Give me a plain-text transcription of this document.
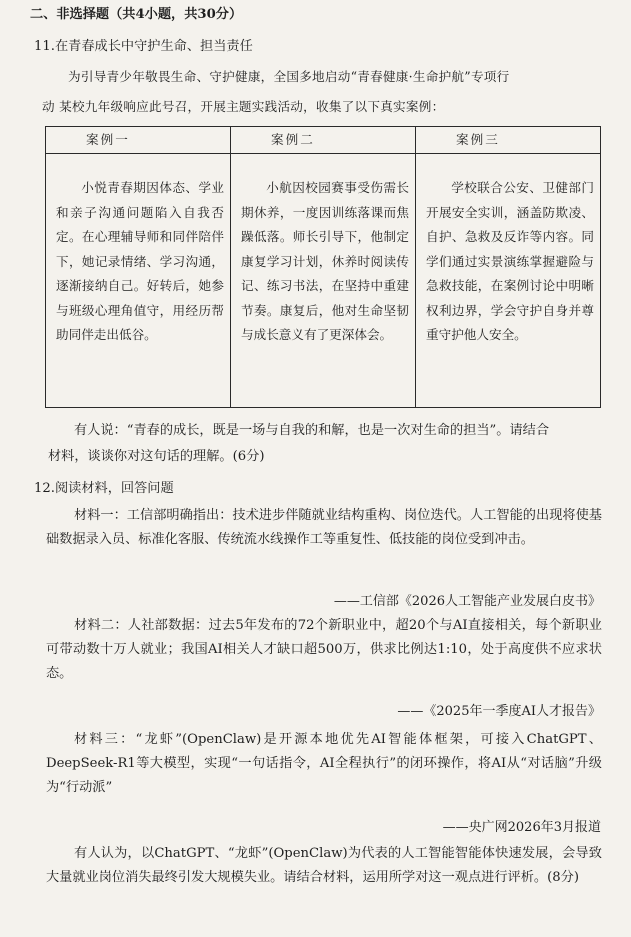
二、非选择题（共4小题，共30分）
11.在青春成长中守护生命、担当责任
为引导青少年敬畏生命、守护健康，全国多地启动“青春健康·生命护航”专项行
动 某校九年级响应此号召，开展主题实践活动，收集了以下真实案例：
案例一	案例二	案例三
小悦青春期因体态、学业和亲子沟通问题陷入自我否定。在心理辅导师和同伴陪伴下，她记录情绪、学习沟通，逐渐接纳自己。好转后，她参与班级心理角值守，用经历帮助同伴走出低谷。	小航因校园赛事受伤需长期休养，一度因训练落课而焦躁低落。师长引导下，他制定康复学习计划，休养时阅读传记、练习书法，在坚持中重建节奏。康复后，他对生命坚韧与成长意义有了更深体会。	学校联合公安、卫健部门开展安全实训，涵盖防欺凌、自护、急救及反诈等内容。同学们通过实景演练掌握避险与急救技能，在案例讨论中明晰权利边界，学会守护自身并尊重守护他人安全。
有人说：“青春的成长，既是一场与自我的和解，也是一次对生命的担当”。请结合
材料，谈谈你对这句话的理解。(6分)
12.阅读材料，回答问题
材料一：工信部明确指出：技术进步伴随就业结构重构、岗位迭代。人工智能的出现将使基础数据录入员、标准化客服、传统流水线操作工等重复性、低技能的岗位受到冲击。
——工信部《2026人工智能产业发展白皮书》
材料二：人社部数据：过去5年发布的72个新职业中，超20个与AI直接相关，每个新职业可带动数十万人就业；我国AI相关人才缺口超500万，供求比例达1:10，处于高度供不应求状态。
——《2025年一季度AI人才报告》
材料三：“龙虾”(OpenClaw)是开源本地优先AI智能体框架，可接入ChatGPT、DeepSeek-R1等大模型，实现“一句话指令，AI全程执行”的闭环操作，将AI从“对话脑”升级为“行动派”
——央广网2026年3月报道
有人认为，以ChatGPT、“龙虾”(OpenClaw)为代表的人工智能智能体快速发展，会导致大量就业岗位消失最终引发大规模失业。请结合材料，运用所学对这一观点进行评析。(8分)
